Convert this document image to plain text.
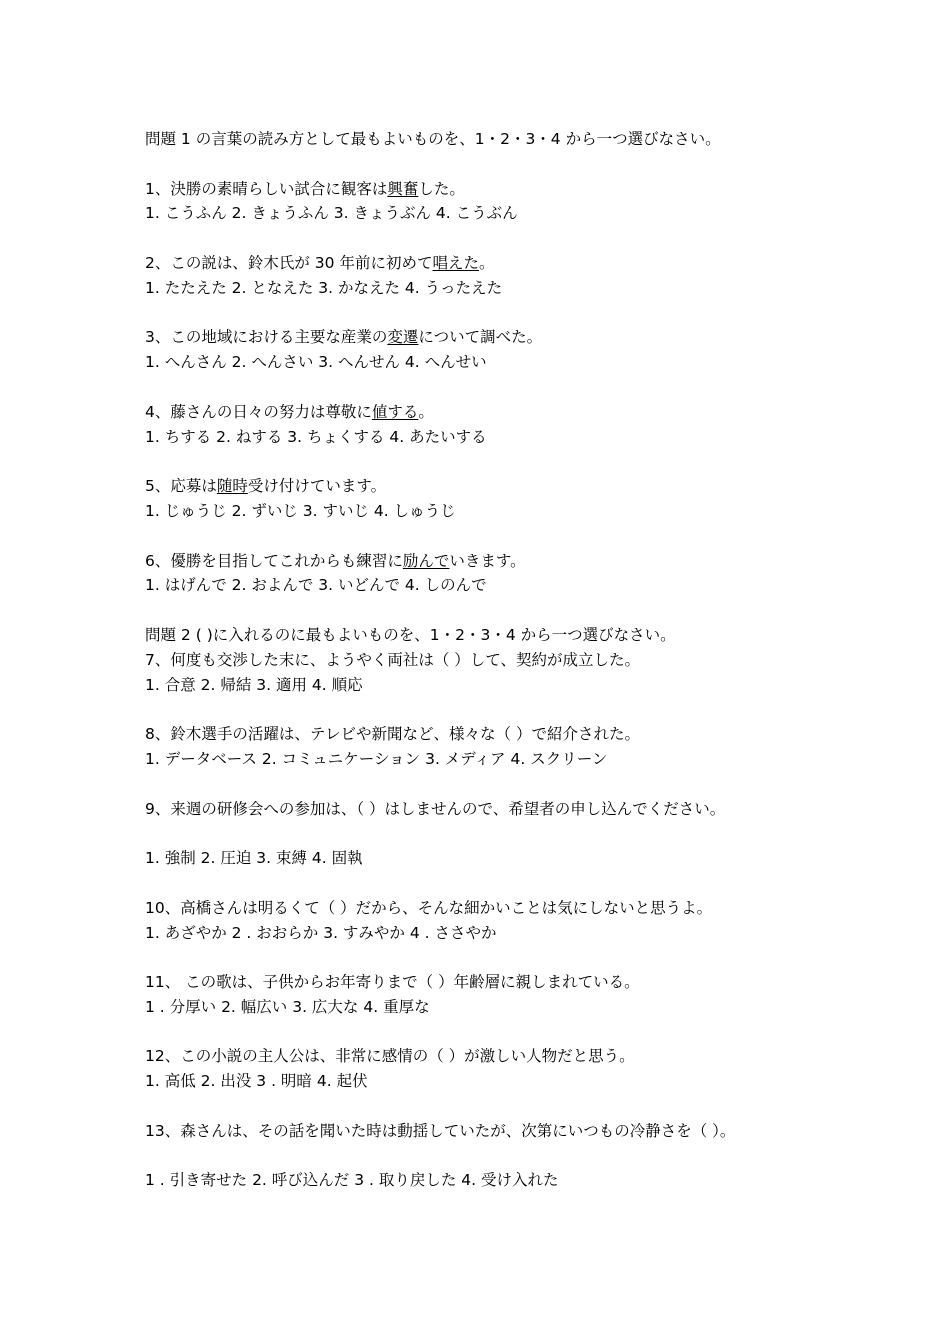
問題 1 の言葉の読み方として最もよいものを、1・2・3・4 から一つ選びなさい。
1、決勝の素晴らしい試合に観客は興奮した。
1. こうふん 2. きょうふん 3. きょうぶん 4. こうぶん
2、この説は、鈴木氏が 30 年前に初めて唱えた。
1. たたえた 2. となえた 3. かなえた 4. うったえた
3、この地域における主要な産業の変遷について調べた。
1. へんさん 2. へんさい 3. へんせん 4. へんせい
4、藤さんの日々の努力は尊敬に値する。
1. ちする 2. ねする 3. ちょくする 4. あたいする
5、応募は随時受け付けています。
1. じゅうじ 2. ずいじ 3. すいじ 4. しゅうじ
6、優勝を目指してこれからも練習に励んでいきます。
1. はげんで 2. およんで 3. いどんで 4. しのんで
問題 2 ( )に入れるのに最もよいものを、1・2・3・4 から一つ選びなさい。
7、何度も交渉した末に、ようやく両社は（ ）して、契約が成立した。
1. 合意 2. 帰結 3. 適用 4. 順応
8、鈴木選手の活躍は、テレビや新聞など、様々な（ ）で紹介された。
1. データベース 2. コミュニケーション 3. メディア 4. スクリーン
9、来週の研修会への参加は、（ ）はしませんので、希望者の申し込んでください。
1. 強制 2. 圧迫 3. 束縛 4. 固執
10、高橋さんは明るくて（ ）だから、そんな細かいことは気にしないと思うよ。
1. あざやか 2 . おおらか 3. すみやか 4 . ささやか
11、 この歌は、子供からお年寄りまで（ ）年齢層に親しまれている。
1 . 分厚い 2. 幅広い 3. 広大な 4. 重厚な
12、この小説の主人公は、非常に感情の（ ）が激しい人物だと思う。
1. 高低 2. 出没 3 . 明暗 4. 起伏
13、森さんは、その話を聞いた時は動揺していたが、次第にいつもの冷静さを（ ）。
1 . 引き寄せた 2. 呼び込んだ 3 . 取り戻した 4. 受け入れた
